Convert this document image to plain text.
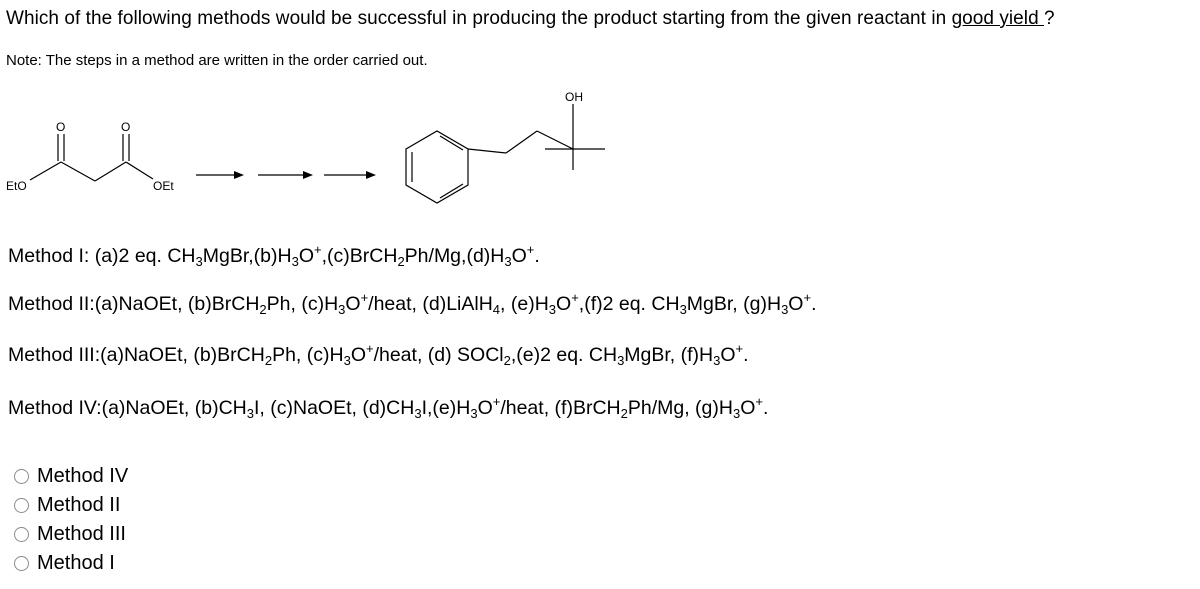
Which of the following methods would be successful in producing the product starting from the given reactant in good yield ?
Note: The steps in a method are written in the order carried out.
O	O
EtO	OEt
OH
Method I: (a)2 eq. $CH_3MgBr,(b)H_3O^+,(c)BrCH_2Ph/Mg,(d)H_3O^+$.
Method II:(a)NaOEt, (b)BrCH$_2$Ph, $(c)H_3O^+$/heat, (d)LiAlH$_4$, $(e)H_3O^+,(f)2$ eq. $CH_3MgBr$, $(g)H_3O^+$.
Method III:(a)NaOEt, (b)BrCH$_2$Ph, $(c)H_3O^+$/heat, (d) SOCl$_2$,(e)2 eq. $CH_3MgBr$, $(f)H_3O^+$.
Method IV:(a)NaOEt, $(b)CH_3I$, (c)NaOEt, $(d)CH_3I,(e)H_3O^+$/heat, (f)BrCH$_2$Ph/Mg, $(g)H_3O^+$.
Method IV
Method II
Method III
Method I
